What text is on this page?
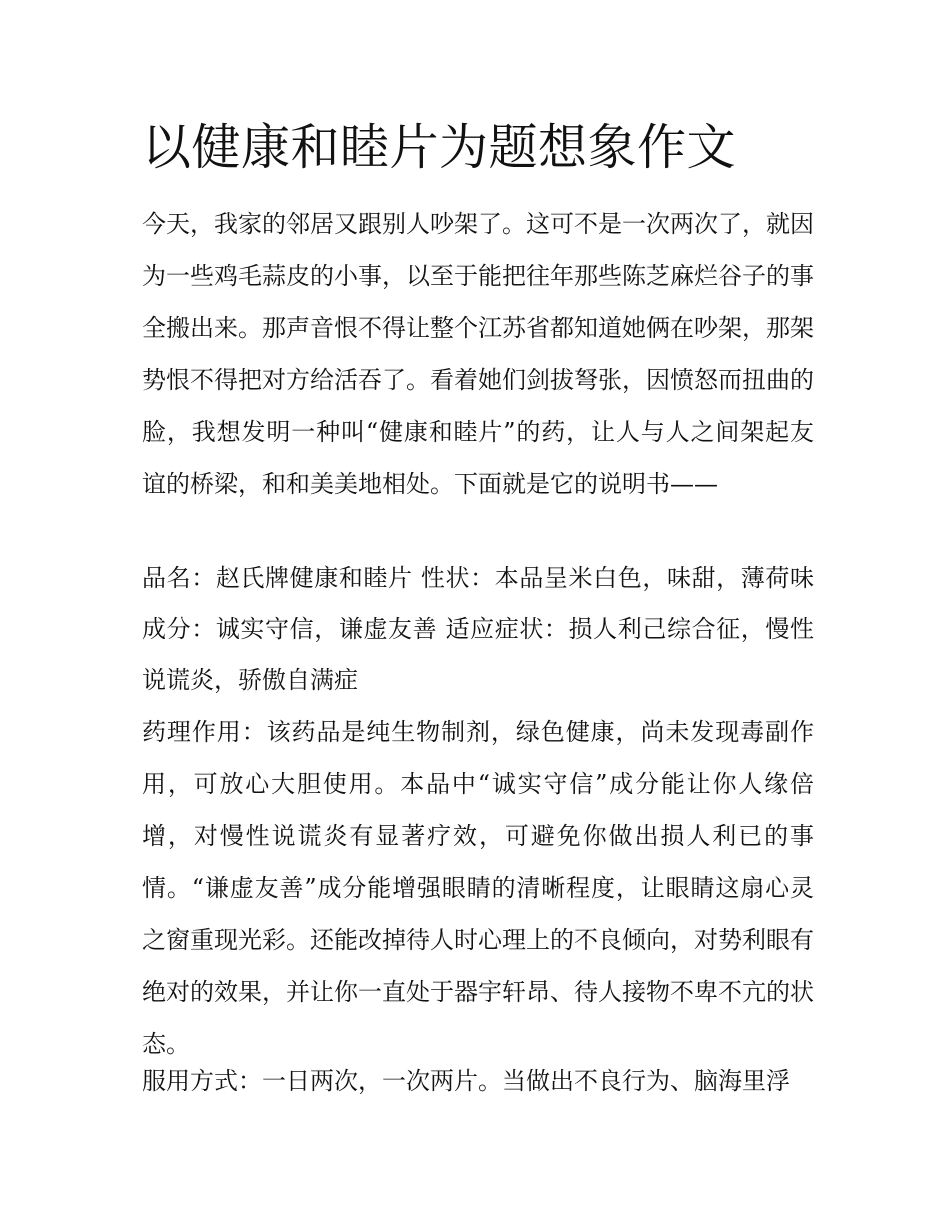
以健康和睦片为题想象作文

今天，我家的邻居又跟别人吵架了。这可不是一次两次了，就因为一些鸡毛蒜皮的小事，以至于能把往年那些陈芝麻烂谷子的事全搬出来。那声音恨不得让整个江苏省都知道她俩在吵架，那架势恨不得把对方给活吞了。看着她们剑拔弩张，因愤怒而扭曲的脸，我想发明一种叫“健康和睦片”的药，让人与人之间架起友谊的桥梁，和和美美地相处。下面就是它的说明书——

品名：赵氏牌健康和睦片 性状：本品呈米白色，味甜，薄荷味 成分：诚实守信，谦虚友善 适应症状：损人利己综合征，慢性说谎炎，骄傲自满症

药理作用：该药品是纯生物制剂，绿色健康，尚未发现毒副作用，可放心大胆使用。本品中“诚实守信”成分能让你人缘倍增，对慢性说谎炎有显著疗效，可避免你做出损人利已的事情。“谦虚友善”成分能增强眼睛的清晰程度，让眼睛这扇心灵之窗重现光彩。还能改掉待人时心理上的不良倾向，对势利眼有绝对的效果，并让你一直处于器宇轩昂、待人接物不卑不亢的状态。

服用方式：一日两次，一次两片。当做出不良行为、脑海里浮
